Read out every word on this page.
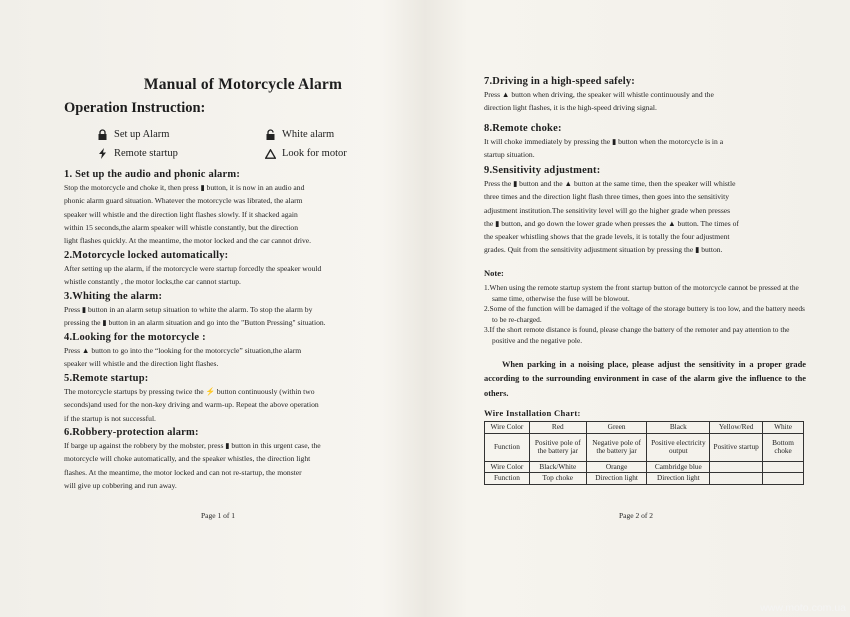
Manual of Motorcycle Alarm
Operation Instruction:
Set up Alarm	White alarm
Remote startup	Look for motor
1. Set up the audio and phonic alarm:

Stop the motorcycle and choke it, then press ▮ button, it is now in an audio and

phonic alarm guard situation. Whatever the motorcycle was librated, the alarm

speaker will whistle and the direction light flashes slowly. If it shacked again

within 15 seconds,the alarm speaker will whistle constantly, but the direction

light flashes quickly. At the meantime, the motor locked and the car cannot drive.

2.Motorcycle locked automatically:

After setting up the alarm, if the motorcycle were startup forcedly the speaker would

whistle constantly , the motor locks,the car cannot startup.

3.Whiting the alarm:

Press ▮ button in an alarm setup situation to white the alarm. To stop the alarm by

pressing the ▮ button in an alarm situation and go into the "Button Pressing" situation.

4.Looking for the motorcycle :

Press ▲ button to go into the “looking for the motorcycle” situation,the alarm

speaker will whistle and the direction light flashes.

5.Remote startup:

The motorcycle startups by pressing twice the ⚡ button continuously (within two

seconds)and used for the non-key driving and warm-up. Repeat the above operation

if the startup is not successful.

6.Robbery-protection alarm:

If barge up against the robbery by the mobster, press ▮ button in this urgent case, the

motorcycle will choke automatically, and the speaker whistles, the direction light

flashes. At the meantime, the motor locked and can not re-startup, the monster

will give up cobbering and run away.

Page 1 of 1
7.Driving in a high-speed safely:

Press ▲ button when driving, the speaker will whistle continuously and the

direction light flashes, it is the high-speed driving signal.

8.Remote choke:

It will choke immediately by pressing the ▮ button when the motorcycle is in a

startup situation.

9.Sensitivity adjustment:

Press the ▮ button and the ▲ button at the same time, then the speaker will whistle

three times and the direction light flash three times, then goes into the sensitivity

adjustment institution.The sensitivity level will go the higher grade when presses

the ▮ button, and go down the lower grade when presses the ▲ button. The times of

the speaker whistling shows that the grade levels, it is totally the four adjustment

grades. Quit from the sensitivity adjustment situation by pressing the ▮ button.

Note:
1.When using the remote startup system the front startup button of the motorcycle cannot be pressed at the same time, otherwise the fuse will be blowout.
2.Some of the function will be damaged if the voltage of the storage buttery is too low, and the battery needs to be re-charged.
3.If the short remote distance is found, please change the battery of the remoter and pay attention to the positive and the negative pole.
When parking in a noising place, please adjust the sensitivity in a proper grade according to the surrounding environment in case of the alarm give the influence to the others.
Wire Installation Chart:
Wire Color	Red	Green	Black	Yellow/Red	White
Function	Positive pole of the battery jar	Negative pole of the battery jar	Positive electricity output	Positive startup	Bottom choke
Wire Color	Black/White	Orange	Cambridge blue		
Function	Top choke	Direction light	Direction light		
Page 2 of 2
www.moto.com.ua
